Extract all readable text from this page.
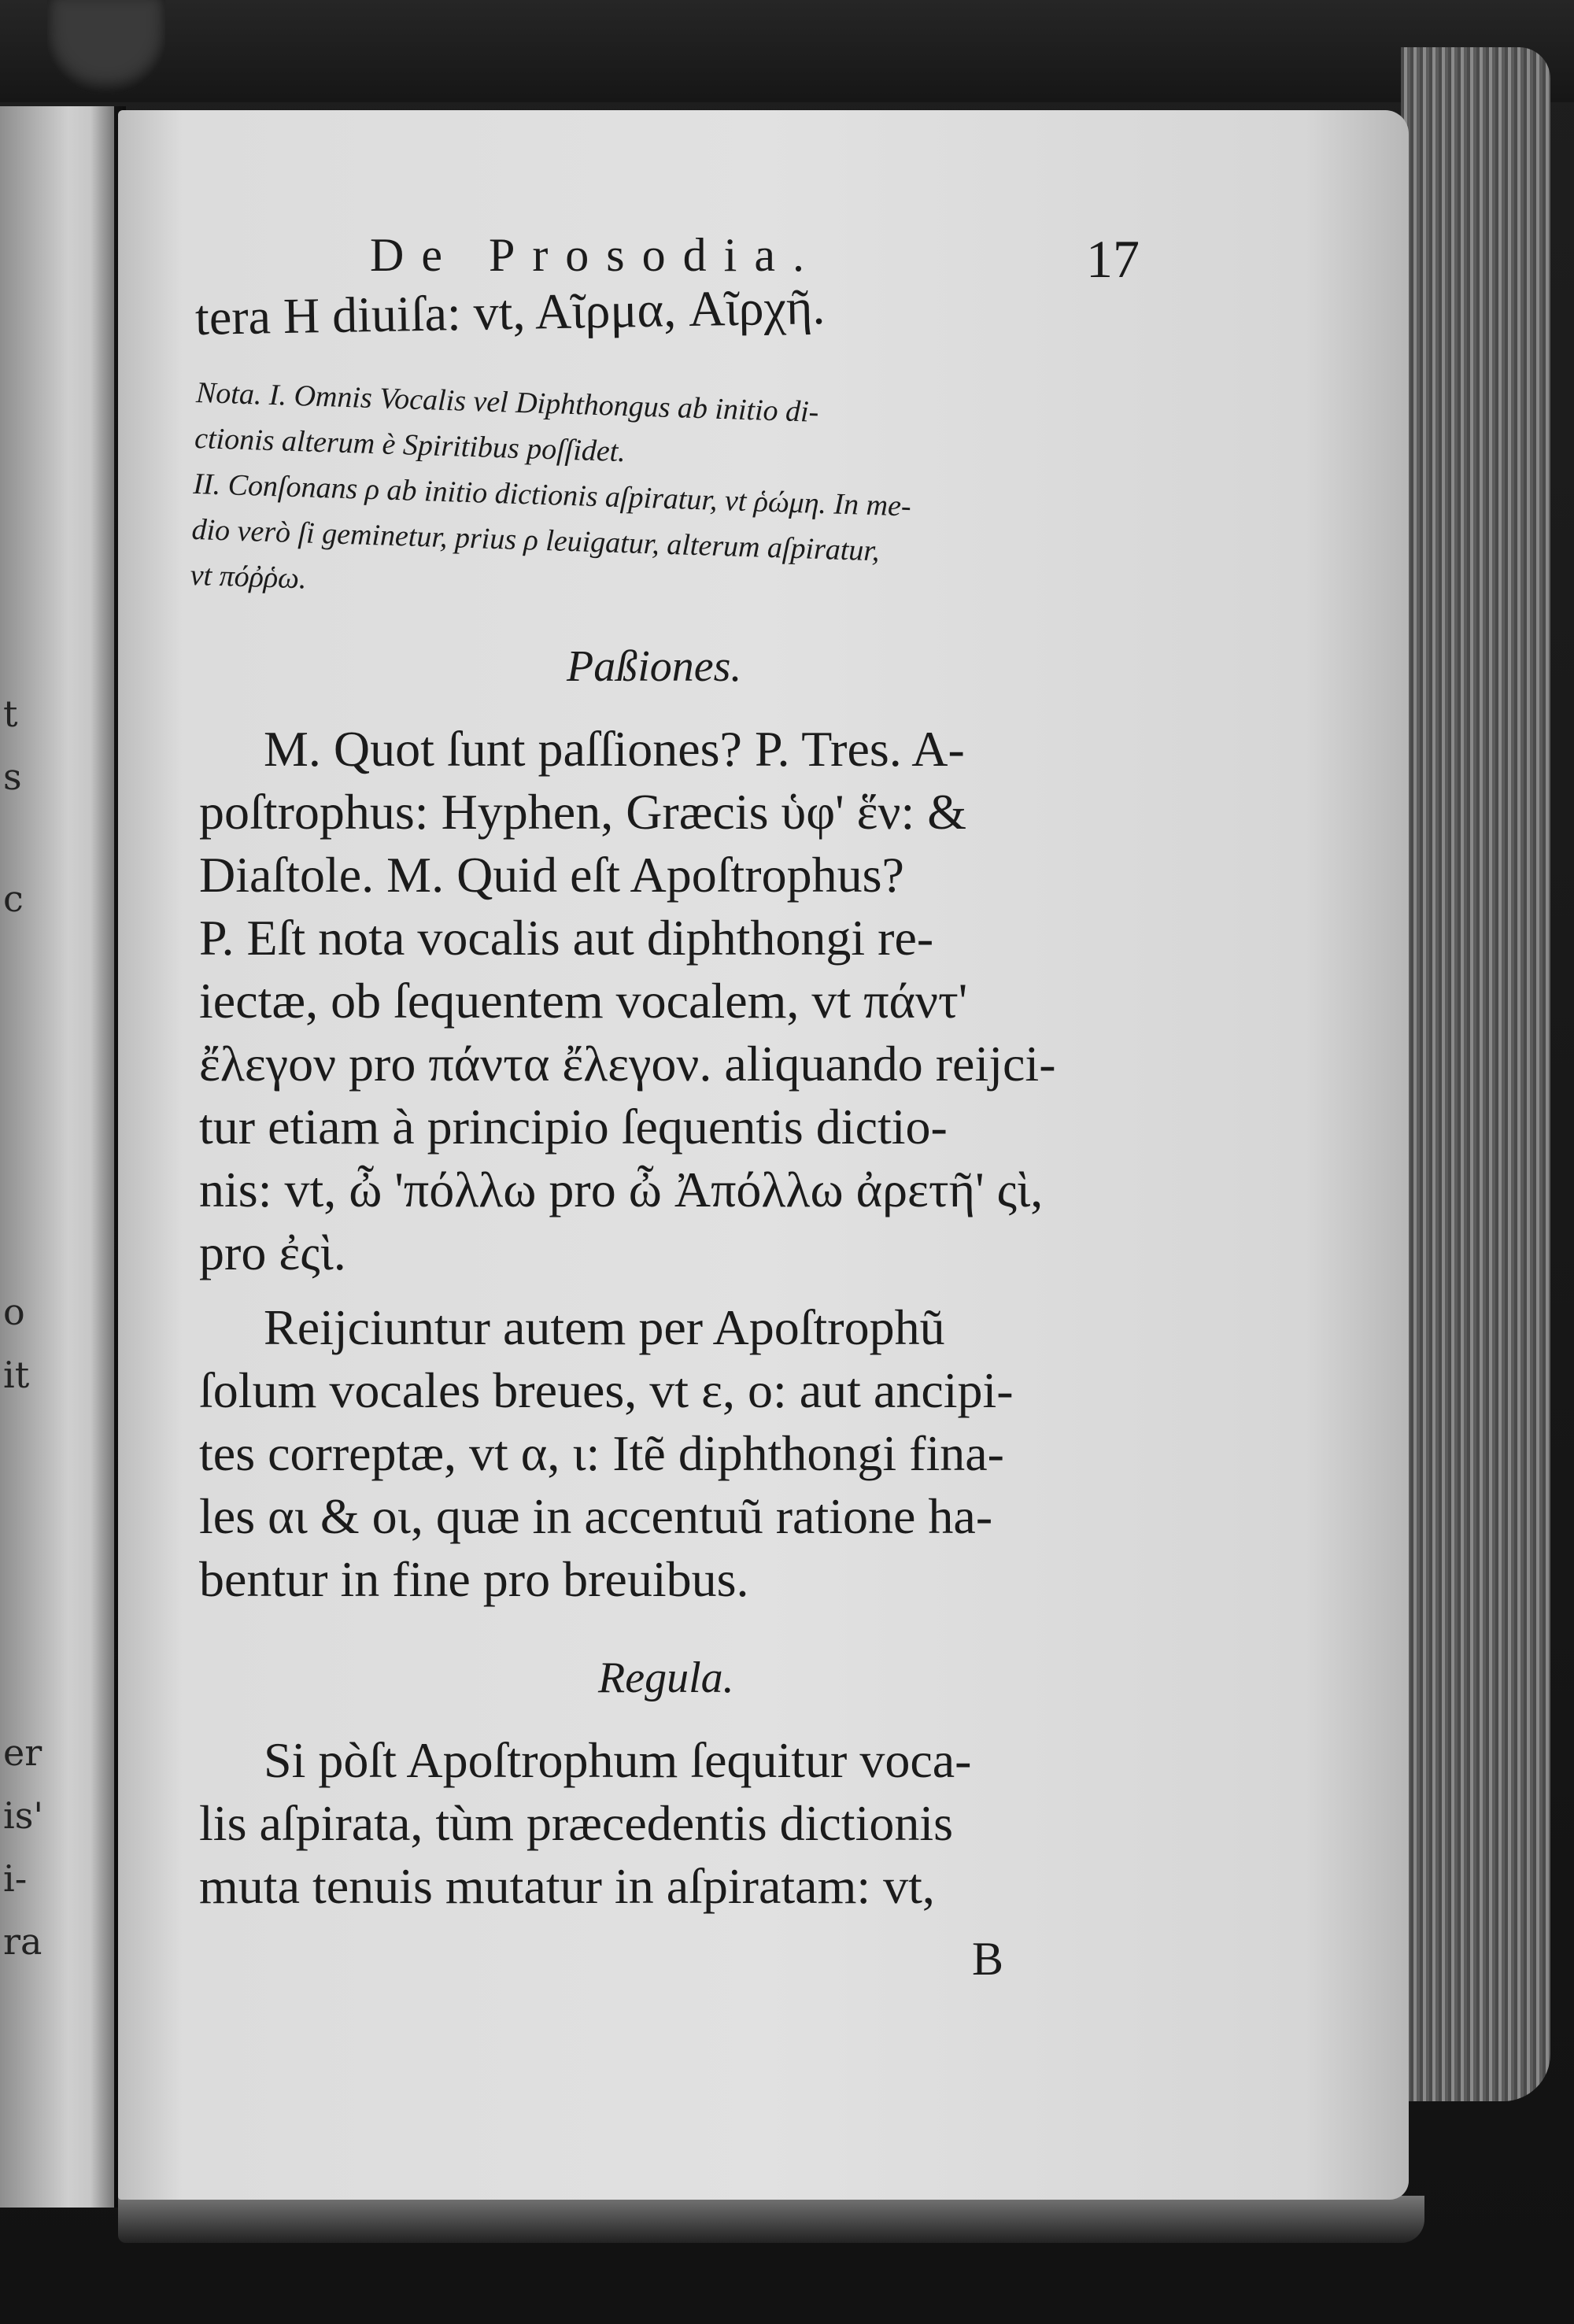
t
s
c
o
it
er
is'
i-
ra
De Prosodia.	17
tera H diuiſa: vt, Aῖρμα, Aῖρχῆ.
Nota. I. Omnis Vocalis vel Diphthongus ab initio di-
ctionis alterum è Spiritibus poſſidet.
II. Conſonans ρ ab initio dictionis aſpiratur, vt ῥώμη. In me-
dio verò ſi geminetur, prius ρ leuigatur, alterum aſpiratur,
vt πόῤῥω.
Paßiones.
M. Quot ſunt paſſiones? P. Tres. A-
poſtrophus: Hyphen, Græcis ὑφ' ἕν: &
Diaſtole. M. Quid eſt Apoſtrophus?
P. Eſt nota vocalis aut diphthongi re-
iectæ, ob ſequentem vocalem, vt πάντ'
ἔλεγον pro πάντα ἔλεγον. aliquando reijci-
tur etiam à principio ſequentis dictio-
nis: vt, ὦ 'πόλλω pro ὦ Ἀπόλλω ἀρετῆ' ςὶ,
pro ἐςὶ.
Reijciuntur autem per Apoſtrophũ
ſolum vocales breues, vt ε, ο: aut ancipi-
tes correptæ, vt α, ι: Itẽ diphthongi fina-
les αι & οι, quæ in accentuũ ratione ha-
bentur in fine pro breuibus.
Regula.
Si pòſt Apoſtrophum ſequitur voca-
lis aſpirata, tùm præcedentis dictionis
muta tenuis mutatur in aſpiratam: vt,
B
